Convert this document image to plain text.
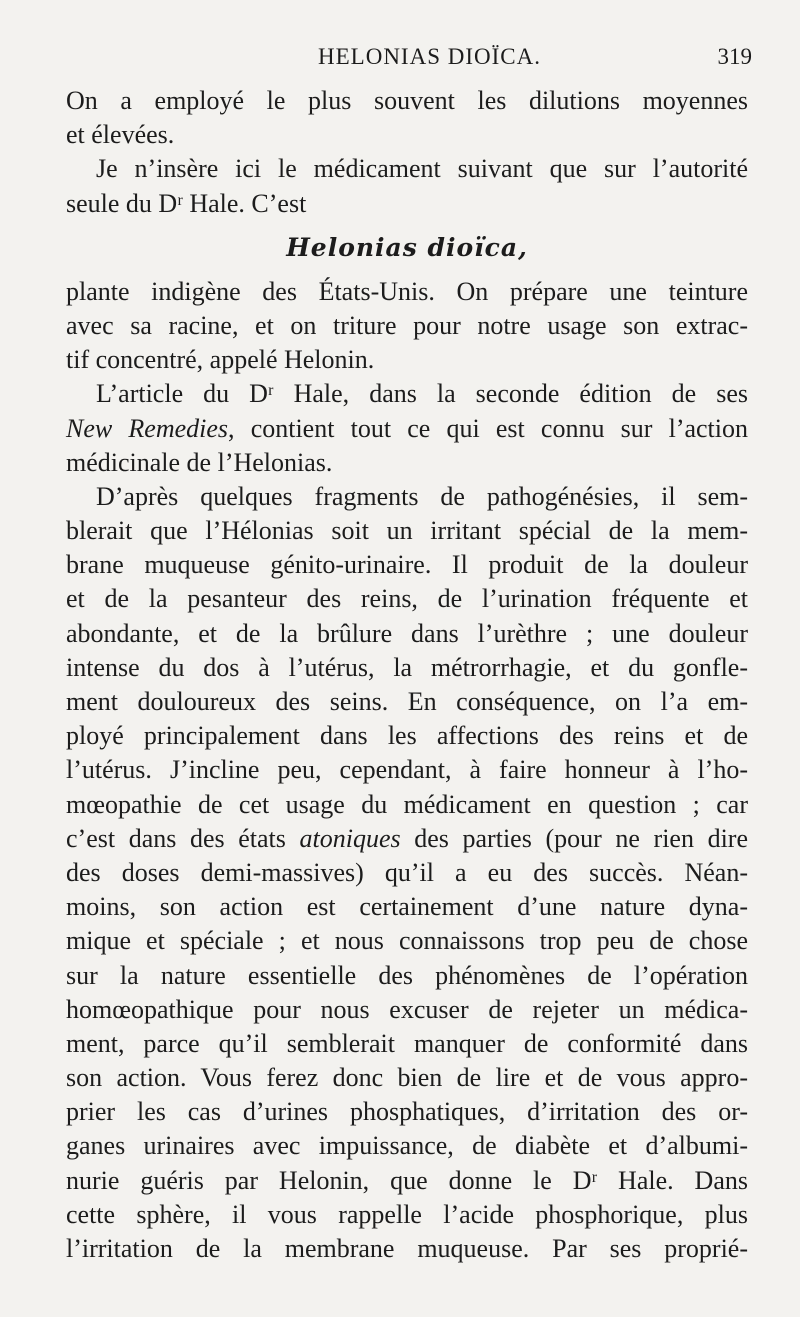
HELONIAS DIOÏCA.	319
On a employé le plus souvent les dilutions moyennes
et élevées.
Je n’insère ici le médicament suivant que sur l’autorité
seule du Dʳ Hale. C’est
Helonias dioïca,
plante indigène des États-Unis. On prépare une teinture
avec sa racine, et on triture pour notre usage son extrac-
tif concentré, appelé Helonin.
L’article du Dʳ Hale, dans la seconde édition de ses
New Remedies, contient tout ce qui est connu sur l’action
médicinale de l’Helonias.
D’après quelques fragments de pathogénésies, il sem-
blerait que l’Hélonias soit un irritant spécial de la mem-
brane muqueuse génito-urinaire. Il produit de la douleur
et de la pesanteur des reins, de l’urination fréquente et
abondante, et de la brûlure dans l’urèthre ; une douleur
intense du dos à l’utérus, la métrorrhagie, et du gonfle-
ment douloureux des seins. En conséquence, on l’a em-
ployé principalement dans les affections des reins et de
l’utérus. J’incline peu, cependant, à faire honneur à l’ho-
mœopathie de cet usage du médicament en question ; car
c’est dans des états atoniques des parties (pour ne rien dire
des doses demi-massives) qu’il a eu des succès. Néan-
moins, son action est certainement d’une nature dyna-
mique et spéciale ; et nous connaissons trop peu de chose
sur la nature essentielle des phénomènes de l’opération
homœopathique pour nous excuser de rejeter un médica-
ment, parce qu’il semblerait manquer de conformité dans
son action. Vous ferez donc bien de lire et de vous appro-
prier les cas d’urines phosphatiques, d’irritation des or-
ganes urinaires avec impuissance, de diabète et d’albumi-
nurie guéris par Helonin, que donne le Dʳ Hale. Dans
cette sphère, il vous rappelle l’acide phosphorique, plus
l’irritation de la membrane muqueuse. Par ses proprié-
